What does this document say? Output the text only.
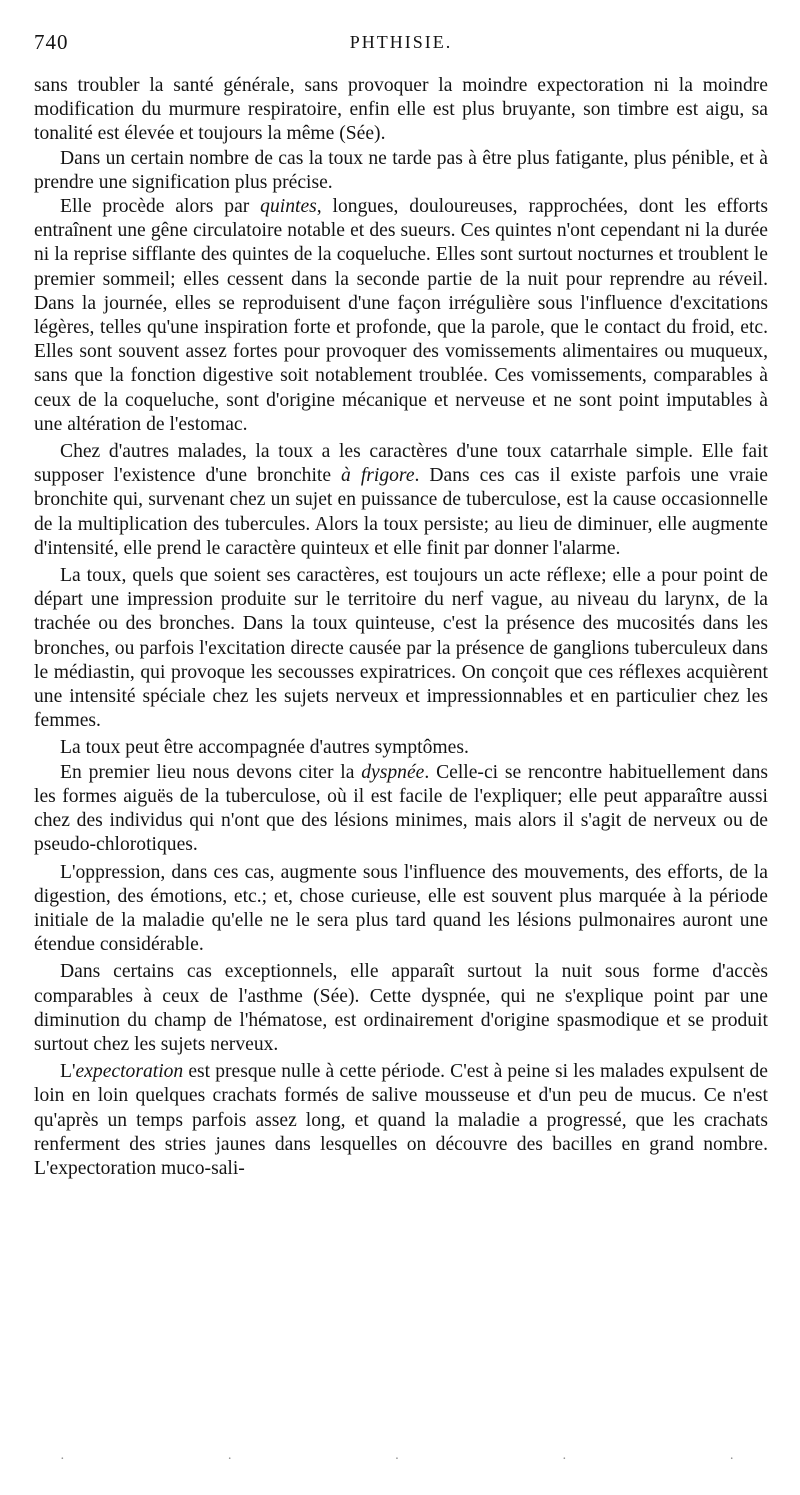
740	PHTHISIE.

sans troubler la santé générale, sans provoquer la moindre expectoration ni la moindre modification du murmure respiratoire, enfin elle est plus bruyante, son timbre est aigu, sa tonalité est élevée et toujours la même (Sée).

Dans un certain nombre de cas la toux ne tarde pas à être plus fatigante, plus pénible, et à prendre une signification plus précise.

Elle procède alors par quintes, longues, douloureuses, rapprochées, dont les efforts entraînent une gêne circulatoire notable et des sueurs. Ces quintes n'ont cependant ni la durée ni la reprise sifflante des quintes de la coqueluche. Elles sont surtout nocturnes et troublent le premier sommeil; elles cessent dans la seconde partie de la nuit pour reprendre au réveil. Dans la journée, elles se reproduisent d'une façon irrégulière sous l'influence d'excitations légères, telles qu'une inspiration forte et profonde, que la parole, que le contact du froid, etc. Elles sont souvent assez fortes pour provoquer des vomissements alimentaires ou muqueux, sans que la fonction digestive soit notablement troublée. Ces vomissements, comparables à ceux de la coqueluche, sont d'origine mécanique et nerveuse et ne sont point imputables à une altération de l'estomac.

Chez d'autres malades, la toux a les caractères d'une toux catarrhale simple. Elle fait supposer l'existence d'une bronchite à frigore. Dans ces cas il existe parfois une vraie bronchite qui, survenant chez un sujet en puissance de tuberculose, est la cause occasionnelle de la multiplication des tubercules. Alors la toux persiste; au lieu de diminuer, elle augmente d'intensité, elle prend le caractère quinteux et elle finit par donner l'alarme.

La toux, quels que soient ses caractères, est toujours un acte réflexe; elle a pour point de départ une impression produite sur le territoire du nerf vague, au niveau du larynx, de la trachée ou des bronches. Dans la toux quinteuse, c'est la présence des mucosités dans les bronches, ou parfois l'excitation directe causée par la présence de ganglions tuberculeux dans le médiastin, qui provoque les secousses expiratrices. On conçoit que ces réflexes acquièrent une intensité spéciale chez les sujets nerveux et impressionnables et en particulier chez les femmes.

La toux peut être accompagnée d'autres symptômes.

En premier lieu nous devons citer la dyspnée. Celle-ci se rencontre habituellement dans les formes aiguës de la tuberculose, où il est facile de l'expliquer; elle peut apparaître aussi chez des individus qui n'ont que des lésions minimes, mais alors il s'agit de nerveux ou de pseudo-chlorotiques.

L'oppression, dans ces cas, augmente sous l'influence des mouvements, des efforts, de la digestion, des émotions, etc.; et, chose curieuse, elle est souvent plus marquée à la période initiale de la maladie qu'elle ne le sera plus tard quand les lésions pulmonaires auront une étendue considérable.

Dans certains cas exceptionnels, elle apparaît surtout la nuit sous forme d'accès comparables à ceux de l'asthme (Sée). Cette dyspnée, qui ne s'explique point par une diminution du champ de l'hématose, est ordinairement d'origine spasmodique et se produit surtout chez les sujets nerveux.

L'expectoration est presque nulle à cette période. C'est à peine si les malades expulsent de loin en loin quelques crachats formés de salive mousseuse et d'un peu de mucus. Ce n'est qu'après un temps parfois assez long, et quand la maladie a progressé, que les crachats renferment des stries jaunes dans lesquelles on découvre des bacilles en grand nombre. L'expectoration muco-sali-

·	·	·	·	·
